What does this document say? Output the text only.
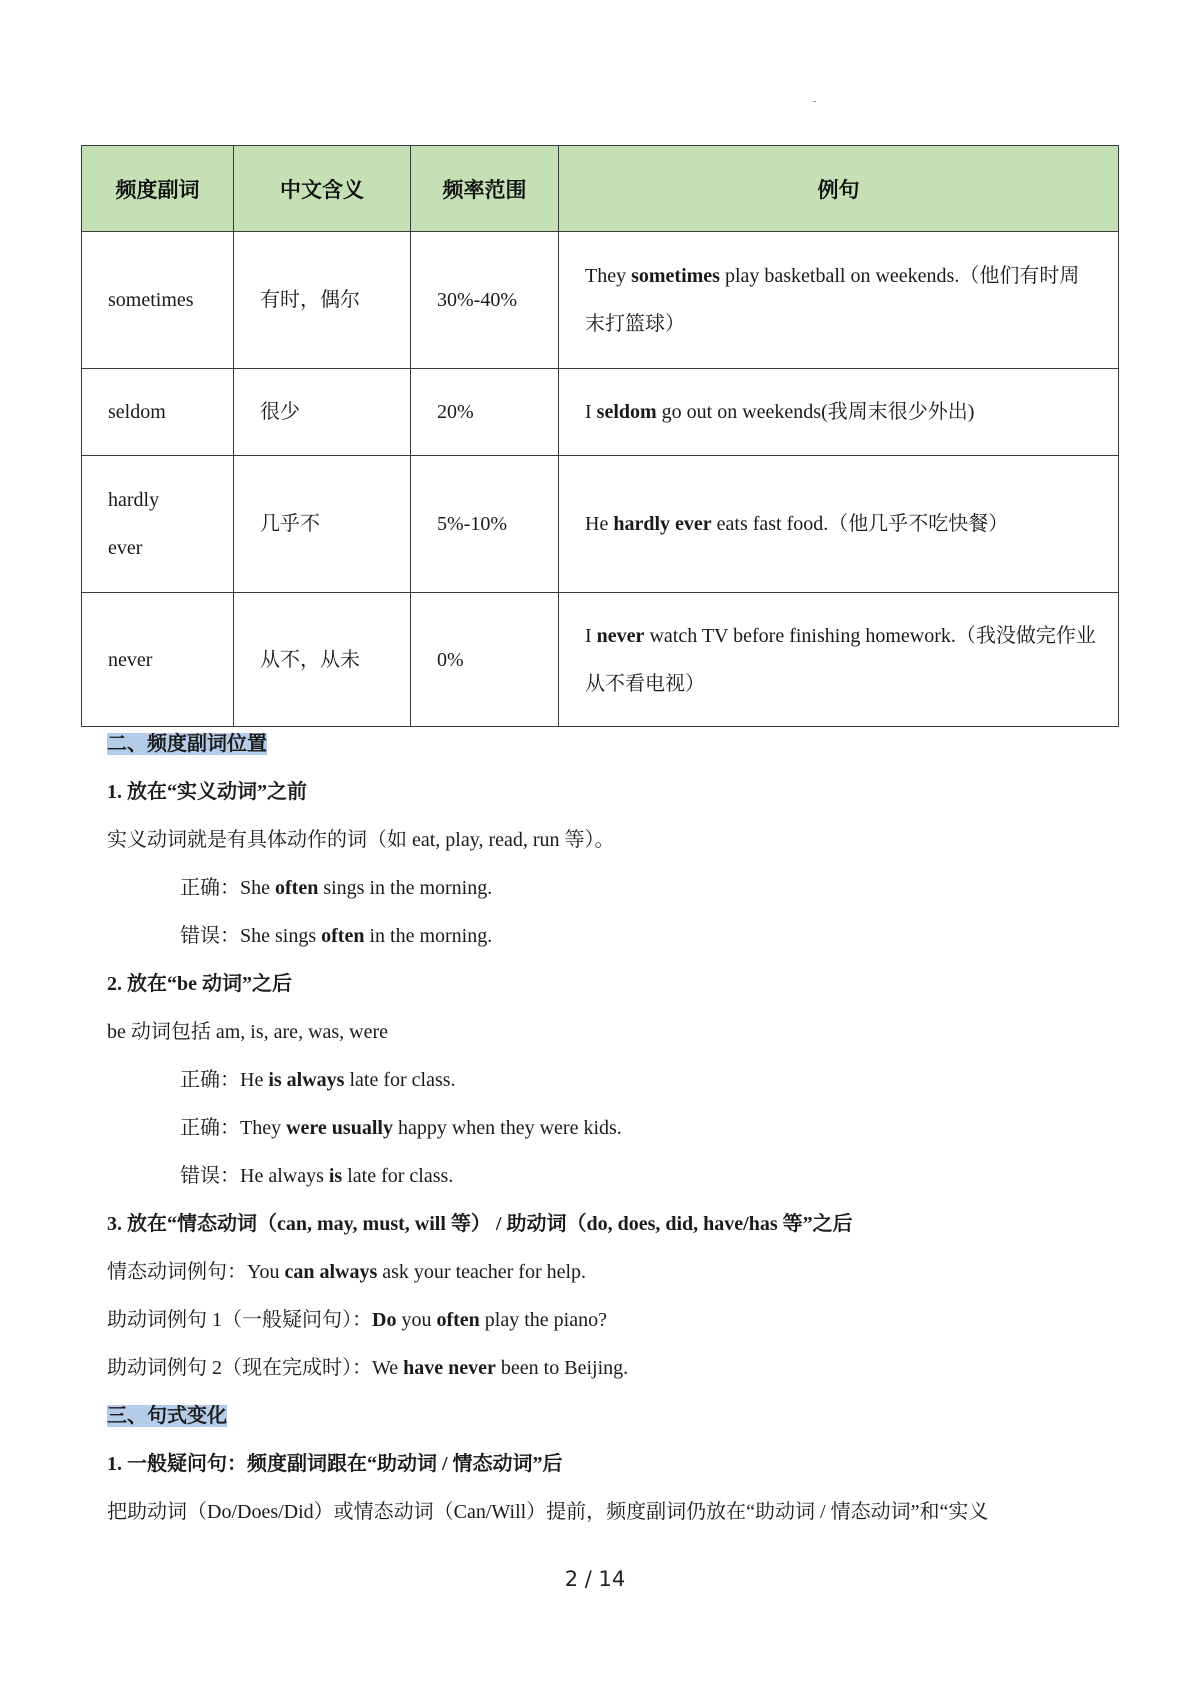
-
频度副词	中文含义	频率范围	例句
sometimes	有时，偶尔	30%-40%	They sometimes play basketball on weekends.（他们有时周末打篮球）
seldom	很少	20%	I seldom go out on weekends(我周末很少外出)
hardly ever	几乎不	5%-10%	He hardly ever eats fast food.（他几乎不吃快餐）
never	从不，从未	0%	I never watch TV before finishing homework.（我没做完作业从不看电视）
二、频度副词位置
1. 放在“实义动词”之前
实义动词就是有具体动作的词（如 eat, play, read, run 等）。
正确：She often sings in the morning.
错误：She sings often in the morning.
2. 放在“be 动词”之后
be 动词包括 am, is, are, was, were
正确：He is always late for class.
正确：They were usually happy when they were kids.
错误：He always is late for class.
3. 放在“情态动词（can, may, must, will 等） / 助动词（do, does, did, have/has 等”之后
情态动词例句：You can always ask your teacher for help.
助动词例句 1（一般疑问句）：Do you often play the piano?
助动词例句 2（现在完成时）：We have never been to Beijing.
三、句式变化
1. 一般疑问句：频度副词跟在“助动词 / 情态动词”后
把助动词（Do/Does/Did）或情态动词（Can/Will）提前，频度副词仍放在“助动词 / 情态动词”和“实义
2 / 14
